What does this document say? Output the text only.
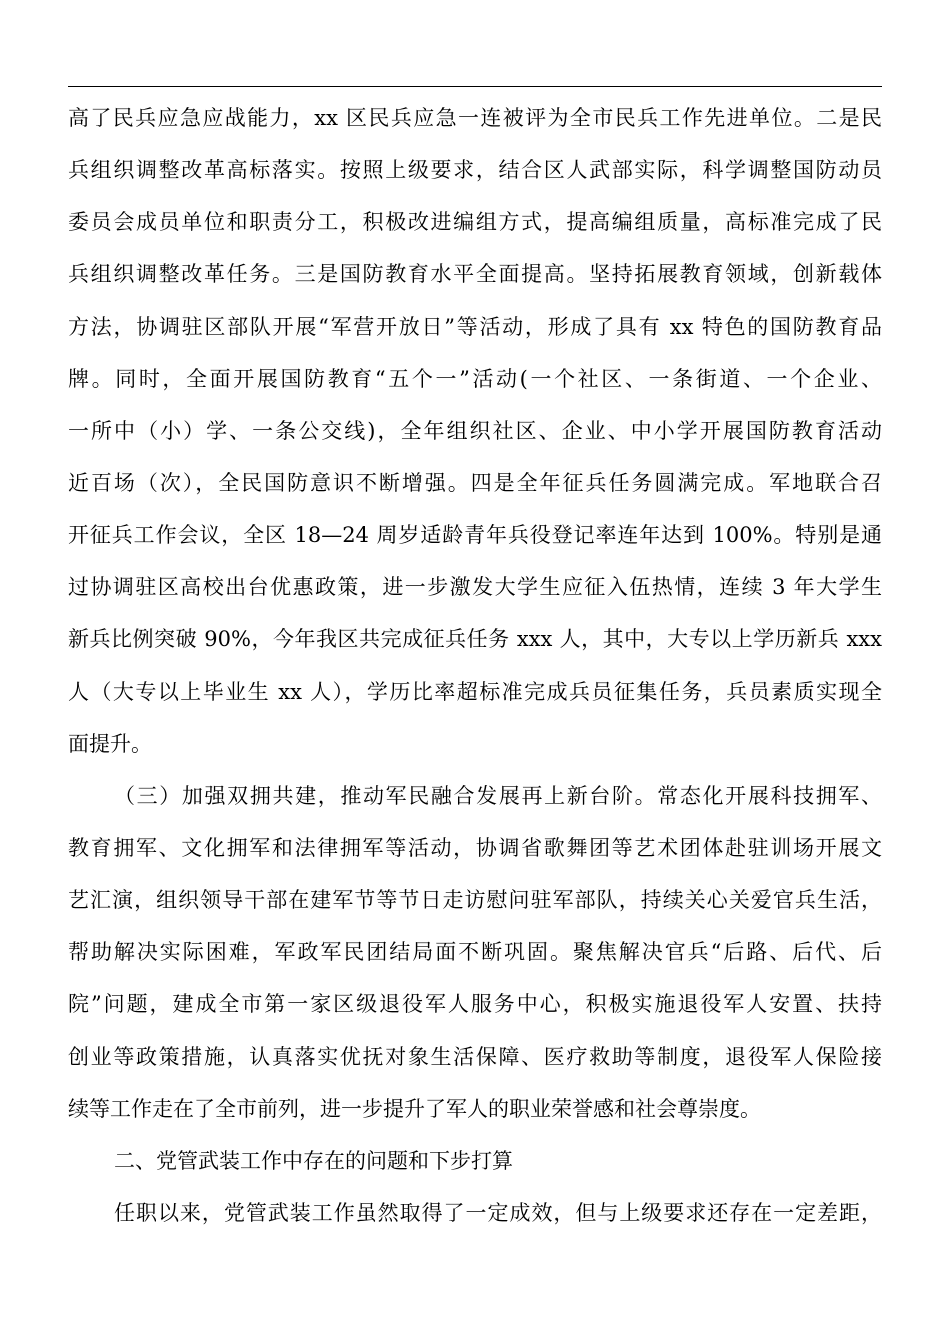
高了民兵应急应战能力，xx 区民兵应急一连被评为全市民兵工作先进单位。二是民
兵组织调整改革高标落实。按照上级要求，结合区人武部实际，科学调整国防动员
委员会成员单位和职责分工，积极改进编组方式，提高编组质量，高标准完成了民
兵组织调整改革任务。三是国防教育水平全面提高。坚持拓展教育领域，创新载体
方法，协调驻区部队开展“军营开放日”等活动，形成了具有 xx 特色的国防教育品
牌。同时，全面开展国防教育“五个一”活动(一个社区、一条街道、一个企业、
一所中（小）学、一条公交线)，全年组织社区、企业、中小学开展国防教育活动
近百场（次），全民国防意识不断增强。四是全年征兵任务圆满完成。军地联合召
开征兵工作会议，全区 18—24 周岁适龄青年兵役登记率连年达到 100%。特别是通
过协调驻区高校出台优惠政策，进一步激发大学生应征入伍热情，连续 3 年大学生
新兵比例突破 90%，今年我区共完成征兵任务 xxx 人，其中，大专以上学历新兵 xxx
人（大专以上毕业生 xx 人），学历比率超标准完成兵员征集任务，兵员素质实现全
面提升。
（三）加强双拥共建，推动军民融合发展再上新台阶。常态化开展科技拥军、
教育拥军、文化拥军和法律拥军等活动，协调省歌舞团等艺术团体赴驻训场开展文
艺汇演，组织领导干部在建军节等节日走访慰问驻军部队，持续关心关爱官兵生活，
帮助解决实际困难，军政军民团结局面不断巩固。聚焦解决官兵“后路、后代、后
院”问题，建成全市第一家区级退役军人服务中心，积极实施退役军人安置、扶持
创业等政策措施，认真落实优抚对象生活保障、医疗救助等制度，退役军人保险接
续等工作走在了全市前列，进一步提升了军人的职业荣誉感和社会尊崇度。
二、党管武装工作中存在的问题和下步打算
任职以来，党管武装工作虽然取得了一定成效，但与上级要求还存在一定差距，
